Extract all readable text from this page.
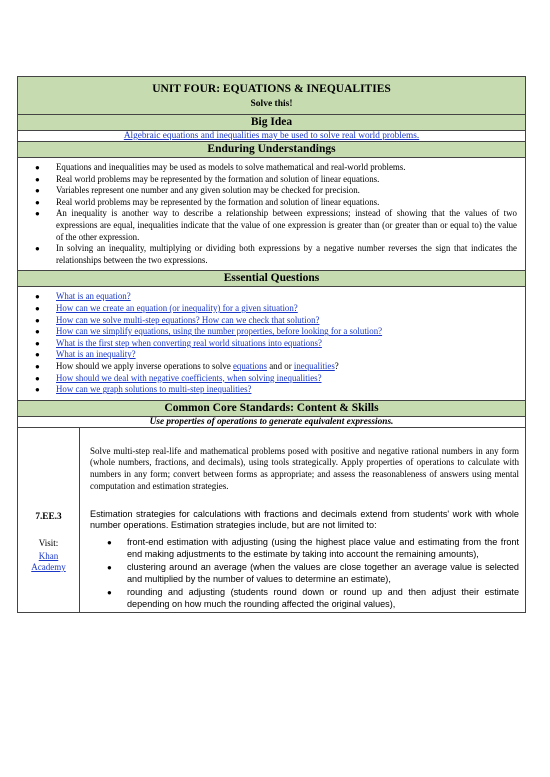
UNIT FOUR: EQUATIONS & INEQUALITIES
Solve this!

Big Idea
Algebraic equations and inequalities may be used to solve real world problems.
Enduring Understandings

● Equations and inequalities may be used as models to solve mathematical and real-world problems.
● Real world problems may be represented by the formation and solution of linear equations.
● Variables represent one number and any given solution may be checked for precision.
● Real world problems may be represented by the formation and solution of linear equations.
● An inequality is another way to describe a relationship between expressions; instead of showing that the values of two expressions are equal, inequalities indicate that the value of one expression is greater than (or greater than or equal to) the value of the other expression.
● In solving an inequality, multiplying or dividing both expressions by a negative number reverses the sign that indicates the relationships between the two expressions.

Essential Questions

● What is an equation?
● How can we create an equation (or inequality) for a given situation?
● How can we solve multi-step equations? How can we check that solution?
● How can we simplify equations, using the number properties, before looking for a solution?
● What is the first step when converting real world situations into equations?
● What is an inequality?
● How should we apply inverse operations to solve equations and or inequalities?
● How should we deal with negative coefficients, when solving inequalities?
● How can we graph solutions to multi-step inequalities?

Common Core Standards: Content & Skills
Use properties of operations to generate equivalent expressions.

7.EE.3
Visit:
Khan Academy

Solve multi-step real-life and mathematical problems posed with positive and negative rational numbers in any form (whole numbers, fractions, and decimals), using tools strategically. Apply properties of operations to calculate with numbers in any form; convert between forms as appropriate; and assess the reasonableness of answers using mental computation and estimation strategies.

Estimation strategies for calculations with fractions and decimals extend from students' work with whole number operations. Estimation strategies include, but are not limited to:

● front-end estimation with adjusting (using the highest place value and estimating from the front end making adjustments to the estimate by taking into account the remaining amounts),
● clustering around an average (when the values are close together an average value is selected and multiplied by the number of values to determine an estimate),
● rounding and adjusting (students round down or round up and then adjust their estimate depending on how much the rounding affected the original values),
